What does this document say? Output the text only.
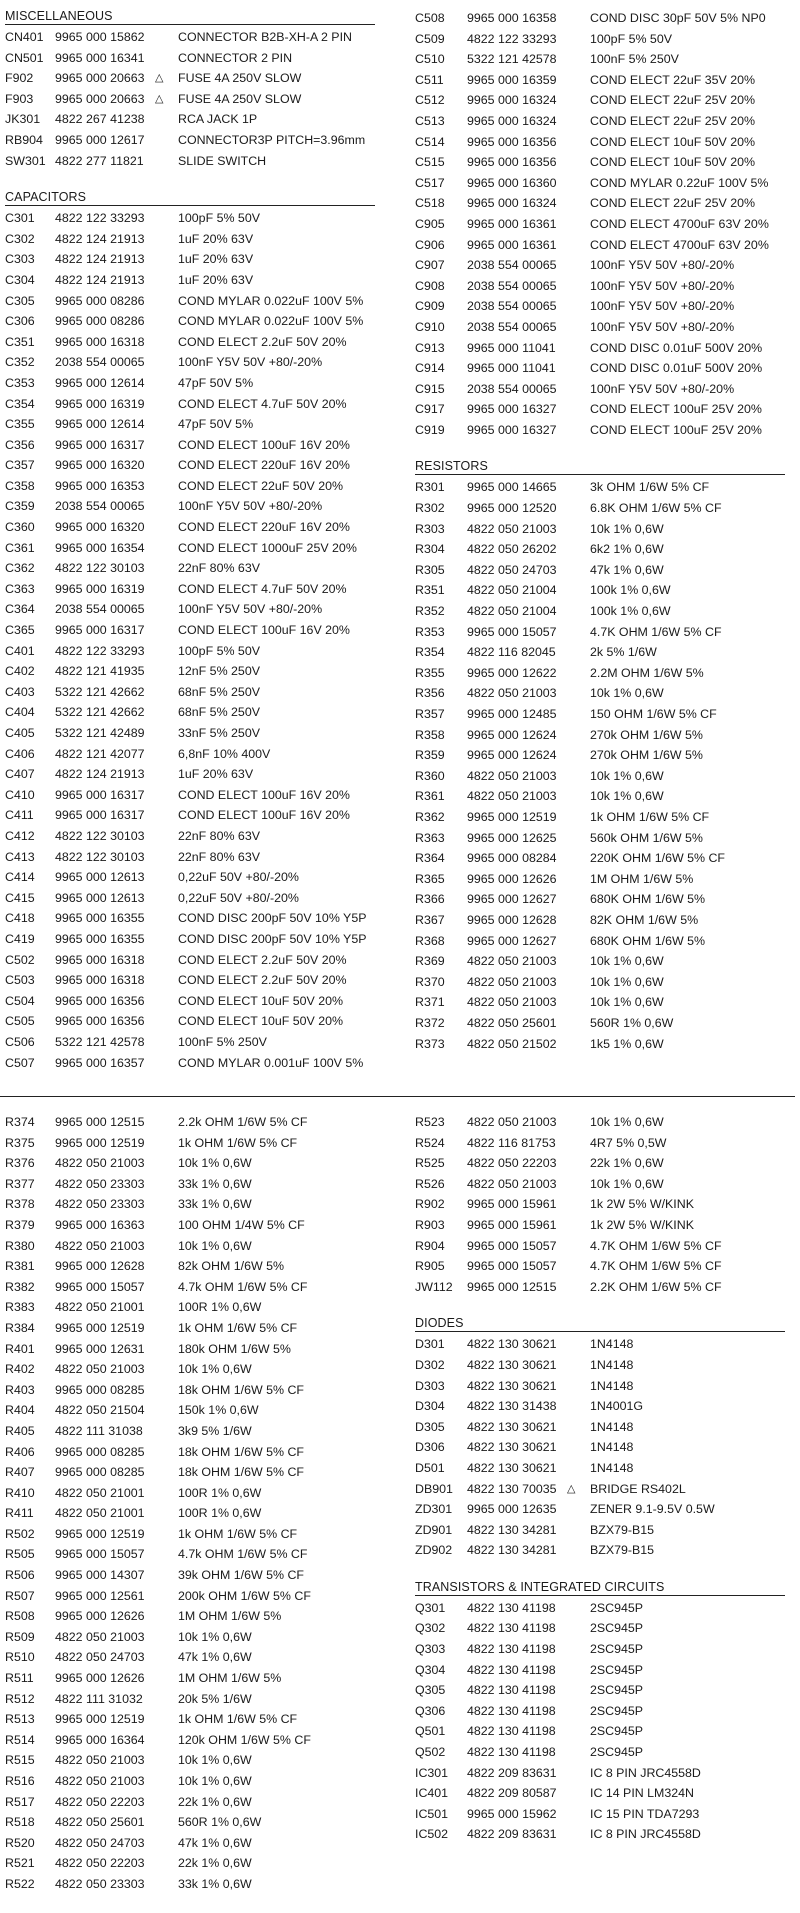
MISCELLANEOUS
CN401 9965 000 15862	CONNECTOR B2B-XH-A 2 PIN
CN501 9965 000 16341	CONNECTOR 2 PIN
F902 9965 000 20663 △ FUSE 4A 250V SLOW
F903 9965 000 20663 △ FUSE 4A 250V SLOW
JK301 4822 267 41238	RCA JACK 1P
RB904 9965 000 12617	CONNECTOR3P PITCH=3.96mm
SW301 4822 277 11821	SLIDE SWITCH
CAPACITORS
C301 4822 122 33293	100pF 5% 50V
C302 4822 124 21913	1uF 20% 63V
C303 4822 124 21913	1uF 20% 63V
C304 4822 124 21913	1uF 20% 63V
C305 9965 000 08286	COND MYLAR 0.022uF 100V 5%
C306 9965 000 08286	COND MYLAR 0.022uF 100V 5%
C351 9965 000 16318	COND ELECT 2.2uF 50V 20%
C352 2038 554 00065	100nF Y5V 50V +80/-20%
C353 9965 000 12614	47pF 50V 5%
C354 9965 000 16319	COND ELECT 4.7uF 50V 20%
C355 9965 000 12614	47pF 50V 5%
C356 9965 000 16317	COND ELECT 100uF 16V 20%
C357 9965 000 16320	COND ELECT 220uF 16V 20%
C358 9965 000 16353	COND ELECT 22uF 50V 20%
C359 2038 554 00065	100nF Y5V 50V +80/-20%
C360 9965 000 16320	COND ELECT 220uF 16V 20%
C361 9965 000 16354	COND ELECT 1000uF 25V 20%
C362 4822 122 30103	22nF 80% 63V
C363 9965 000 16319	COND ELECT 4.7uF 50V 20%
C364 2038 554 00065	100nF Y5V 50V +80/-20%
C365 9965 000 16317	COND ELECT 100uF 16V 20%
C401 4822 122 33293	100pF 5% 50V
C402 4822 121 41935	12nF 5% 250V
C403 5322 121 42662	68nF 5% 250V
C404 5322 121 42662	68nF 5% 250V
C405 5322 121 42489	33nF 5% 250V
C406 4822 121 42077	6,8nF 10% 400V
C407 4822 124 21913	1uF 20% 63V
C410 9965 000 16317	COND ELECT 100uF 16V 20%
C411 9965 000 16317	COND ELECT 100uF 16V 20%
C412 4822 122 30103	22nF 80% 63V
C413 4822 122 30103	22nF 80% 63V
C414 9965 000 12613	0,22uF 50V +80/-20%
C415 9965 000 12613	0,22uF 50V +80/-20%
C418 9965 000 16355	COND DISC 200pF 50V 10% Y5P
C419 9965 000 16355	COND DISC 200pF 50V 10% Y5P
C502 9965 000 16318	COND ELECT 2.2uF 50V 20%
C503 9965 000 16318	COND ELECT 2.2uF 50V 20%
C504 9965 000 16356	COND ELECT 10uF 50V 20%
C505 9965 000 16356	COND ELECT 10uF 50V 20%
C506 5322 121 42578	100nF 5% 250V
C507 9965 000 16357	COND MYLAR 0.001uF 100V 5%
C508 9965 000 16358	COND DISC 30pF 50V 5% NP0
C509 4822 122 33293	100pF 5% 50V
C510 5322 121 42578	100nF 5% 250V
C511 9965 000 16359	COND ELECT 22uF 35V 20%
C512 9965 000 16324	COND ELECT 22uF 25V 20%
C513 9965 000 16324	COND ELECT 22uF 25V 20%
C514 9965 000 16356	COND ELECT 10uF 50V 20%
C515 9965 000 16356	COND ELECT 10uF 50V 20%
C517 9965 000 16360	COND MYLAR 0.22uF 100V 5%
C518 9965 000 16324	COND ELECT 22uF 25V 20%
C905 9965 000 16361	COND ELECT 4700uF 63V 20%
C906 9965 000 16361	COND ELECT 4700uF 63V 20%
C907 2038 554 00065	100nF Y5V 50V +80/-20%
C908 2038 554 00065	100nF Y5V 50V +80/-20%
C909 2038 554 00065	100nF Y5V 50V +80/-20%
C910 2038 554 00065	100nF Y5V 50V +80/-20%
C913 9965 000 11041	COND DISC 0.01uF 500V 20%
C914 9965 000 11041	COND DISC 0.01uF 500V 20%
C915 2038 554 00065	100nF Y5V 50V +80/-20%
C917 9965 000 16327	COND ELECT 100uF 25V 20%
C919 9965 000 16327	COND ELECT 100uF 25V 20%
RESISTORS
R301 9965 000 14665	3k OHM 1/6W 5% CF
R302 9965 000 12520	6.8K OHM 1/6W 5% CF
R303 4822 050 21003	10k 1% 0,6W
R304 4822 050 26202	6k2 1% 0,6W
R305 4822 050 24703	47k 1% 0,6W
R351 4822 050 21004	100k 1% 0,6W
R352 4822 050 21004	100k 1% 0,6W
R353 9965 000 15057	4.7K OHM 1/6W 5% CF
R354 4822 116 82045	2k 5% 1/6W
R355 9965 000 12622	2.2M OHM 1/6W 5%
R356 4822 050 21003	10k 1% 0,6W
R357 9965 000 12485	150 OHM 1/6W 5% CF
R358 9965 000 12624	270k OHM 1/6W 5%
R359 9965 000 12624	270k OHM 1/6W 5%
R360 4822 050 21003	10k 1% 0,6W
R361 4822 050 21003	10k 1% 0,6W
R362 9965 000 12519	1k OHM 1/6W 5% CF
R363 9965 000 12625	560k OHM 1/6W 5%
R364 9965 000 08284	220K OHM 1/6W 5% CF
R365 9965 000 12626	1M OHM 1/6W 5%
R366 9965 000 12627	680K OHM 1/6W 5%
R367 9965 000 12628	82K OHM 1/6W 5%
R368 9965 000 12627	680K OHM 1/6W 5%
R369 4822 050 21003	10k 1% 0,6W
R370 4822 050 21003	10k 1% 0,6W
R371 4822 050 21003	10k 1% 0,6W
R372 4822 050 25601	560R 1% 0,6W
R373 4822 050 21502	1k5 1% 0,6W
R374 9965 000 12515	2.2k OHM 1/6W 5% CF
R375 9965 000 12519	1k OHM 1/6W 5% CF
R376 4822 050 21003	10k 1% 0,6W
R377 4822 050 23303	33k 1% 0,6W
R378 4822 050 23303	33k 1% 0,6W
R379 9965 000 16363	100 OHM 1/4W 5% CF
R380 4822 050 21003	10k 1% 0,6W
R381 9965 000 12628	82k OHM 1/6W 5%
R382 9965 000 15057	4.7k OHM 1/6W 5% CF
R383 4822 050 21001	100R 1% 0,6W
R384 9965 000 12519	1k OHM 1/6W 5% CF
R401 9965 000 12631	180k OHM 1/6W 5%
R402 4822 050 21003	10k 1% 0,6W
R403 9965 000 08285	18k OHM 1/6W 5% CF
R404 4822 050 21504	150k 1% 0,6W
R405 4822 111 31038	3k9 5% 1/6W
R406 9965 000 08285	18k OHM 1/6W 5% CF
R407 9965 000 08285	18k OHM 1/6W 5% CF
R410 4822 050 21001	100R 1% 0,6W
R411 4822 050 21001	100R 1% 0,6W
R502 9965 000 12519	1k OHM 1/6W 5% CF
R505 9965 000 15057	4.7k OHM 1/6W 5% CF
R506 9965 000 14307	39k OHM 1/6W 5% CF
R507 9965 000 12561	200k OHM 1/6W 5% CF
R508 9965 000 12626	1M OHM 1/6W 5%
R509 4822 050 21003	10k 1% 0,6W
R510 4822 050 24703	47k 1% 0,6W
R511 9965 000 12626	1M OHM 1/6W 5%
R512 4822 111 31032	20k 5% 1/6W
R513 9965 000 12519	1k OHM 1/6W 5% CF
R514 9965 000 16364	120k OHM 1/6W 5% CF
R515 4822 050 21003	10k 1% 0,6W
R516 4822 050 21003	10k 1% 0,6W
R517 4822 050 22203	22k 1% 0,6W
R518 4822 050 25601	560R 1% 0,6W
R520 4822 050 24703	47k 1% 0,6W
R521 4822 050 22203	22k 1% 0,6W
R522 4822 050 23303	33k 1% 0,6W
R523 4822 050 21003	10k 1% 0,6W
R524 4822 116 81753	4R7 5% 0,5W
R525 4822 050 22203	22k 1% 0,6W
R526 4822 050 21003	10k 1% 0,6W
R902 9965 000 15961	1k 2W 5% W/KINK
R903 9965 000 15961	1k 2W 5% W/KINK
R904 9965 000 15057	4.7K OHM 1/6W 5% CF
R905 9965 000 15057	4.7K OHM 1/6W 5% CF
JW112 9965 000 12515	2.2K OHM 1/6W 5% CF
DIODES
D301 4822 130 30621	1N4148
D302 4822 130 30621	1N4148
D303 4822 130 30621	1N4148
D304 4822 130 31438	1N4001G
D305 4822 130 30621	1N4148
D306 4822 130 30621	1N4148
D501 4822 130 30621	1N4148
DB901 4822 130 70035 △ BRIDGE RS402L
ZD301 9965 000 12635	ZENER 9.1-9.5V 0.5W
ZD901 4822 130 34281	BZX79-B15
ZD902 4822 130 34281	BZX79-B15
TRANSISTORS & INTEGRATED CIRCUITS
Q301 4822 130 41198	2SC945P
Q302 4822 130 41198	2SC945P
Q303 4822 130 41198	2SC945P
Q304 4822 130 41198	2SC945P
Q305 4822 130 41198	2SC945P
Q306 4822 130 41198	2SC945P
Q501 4822 130 41198	2SC945P
Q502 4822 130 41198	2SC945P
IC301 4822 209 83631	IC 8 PIN JRC4558D
IC401 4822 209 80587	IC 14 PIN LM324N
IC501 9965 000 15962	IC 15 PIN TDA7293
IC502 4822 209 83631	IC 8 PIN JRC4558D
